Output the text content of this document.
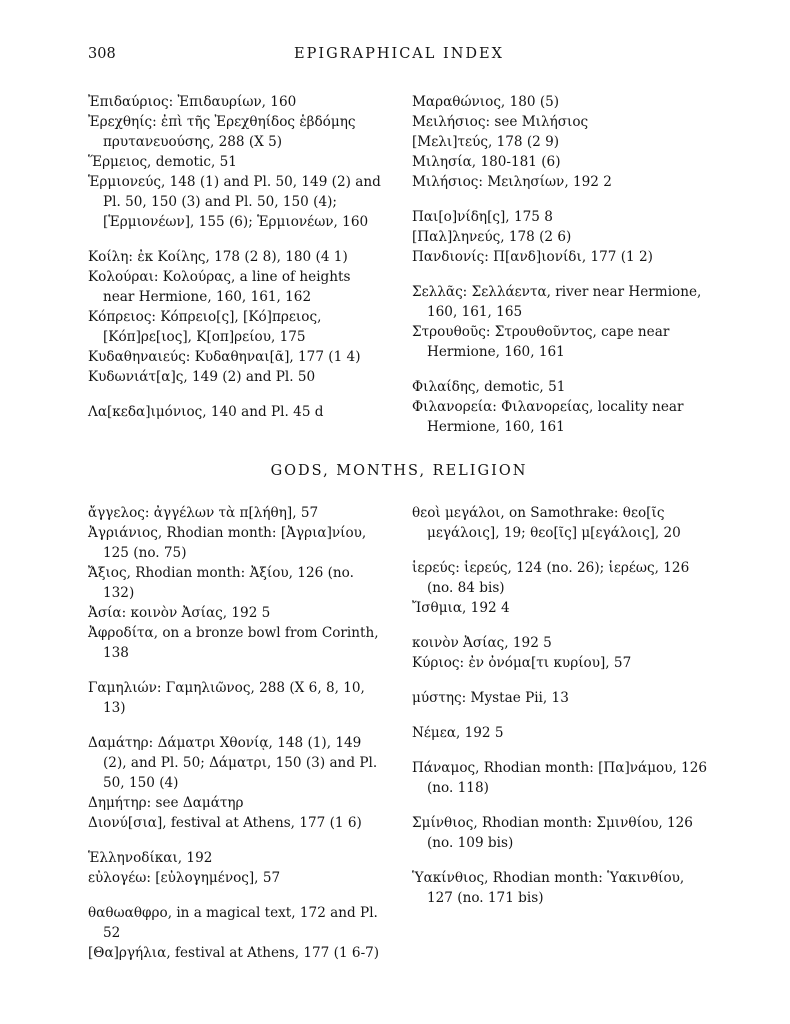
308	EPIGRAPHICAL INDEX

Ἐπιδαύριος: Ἐπιδαυρίων, 160

Ἐρεχθηίς: ἐπὶ τῆς Ἐρεχθηίδος ἑβδόμης πρυτανευούσης, 288 (X 5)

Ἕρμειος, demotic, 51

Ἑρμιονεύς, 148 (1) and Pl. 50, 149 (2) and Pl. 50, 150 (3) and Pl. 50, 150 (4); [Ἑρμιονέων], 155 (6); Ἑρμιονέων, 160

Κοίλη: ἐκ Κοίλης, 178 (2 8), 180 (4 1)

Κολούραι: Κολούρας, a line of heights near Hermione, 160, 161, 162

Κόπρειος: Κόπρειο[ς], [Κό]πρειος, [Κόπ]ρε[ιος], Κ[οπ]ρείου, 175

Κυδαθηναιεύς: Κυδαθηναι[ᾶ], 177 (1 4)

Κυδωνιάτ[α]ς, 149 (2) and Pl. 50

Λα[κεδα]ιμόνιος, 140 and Pl. 45 d

Μαραθώνιος, 180 (5)

Μειλήσιος: see Μιλήσιος

[Μελι]τεύς, 178 (2 9)

Μιλησία, 180-181 (6)

Μιλήσιος: Μειλησίων, 192 2

Παι[ο]νίδη[ς], 175 8

[Παλ]ληνεύς, 178 (2 6)

Πανδιονίς: Π[ανδ]ιονίδι, 177 (1 2)

Σελλᾶς: Σελλάεντα, river near Hermione, 160, 161, 165

Στρουθοῦς: Στρουθοῦντος, cape near Hermione, 160, 161

Φιλαίδης, demotic, 51

Φιλανορεία: Φιλανορείας, locality near Hermione, 160, 161

GODS, MONTHS, RELIGION

ἄγγελος: ἀγγέλων τὰ π[λήθη], 57

Ἀγριάνιος, Rhodian month: [Ἀγρια]νίου, 125 (no. 75)

Ἄξιος, Rhodian month: Ἀξίου, 126 (no. 132)

Ἀσία: κοινὸν Ἀσίας, 192 5

Ἀφροδίτα, on a bronze bowl from Corinth, 138

Γαμηλιών: Γαμηλιῶνος, 288 (X 6, 8, 10, 13)

Δαμάτηρ: Δάματρι Χθονίᾳ, 148 (1), 149 (2), and Pl. 50; Δάματρι, 150 (3) and Pl. 50, 150 (4)

Δημήτηρ: see Δαμάτηρ

Διονύ[σια], festival at Athens, 177 (1 6)

Ἑλληνοδίκαι, 192

εὐλογέω: [εὐλογημένος], 57

θαθωαθφρο, in a magical text, 172 and Pl. 52

[Θα]ργήλια, festival at Athens, 177 (1 6-7)

θεοὶ μεγάλοι, on Samothrake: θεο[ῖς μεγάλοις], 19; θεο[ῖς] μ[εγάλοις], 20

ἱερεύς: ἱερεύς, 124 (no. 26); ἱερέως, 126 (no. 84 bis)

Ἴσθμια, 192 4

κοινὸν Ἀσίας, 192 5

Κύριος: ἐν ὀνόμα[τι κυρίου], 57

μύστης: Mystae Pii, 13

Νέμεα, 192 5

Πάναμος, Rhodian month: [Πα]νάμου, 126 (no. 118)

Σμίνθιος, Rhodian month: Σμινθίου, 126 (no. 109 bis)

Ὑακίνθιος, Rhodian month: Ὑακινθίου, 127 (no. 171 bis)
